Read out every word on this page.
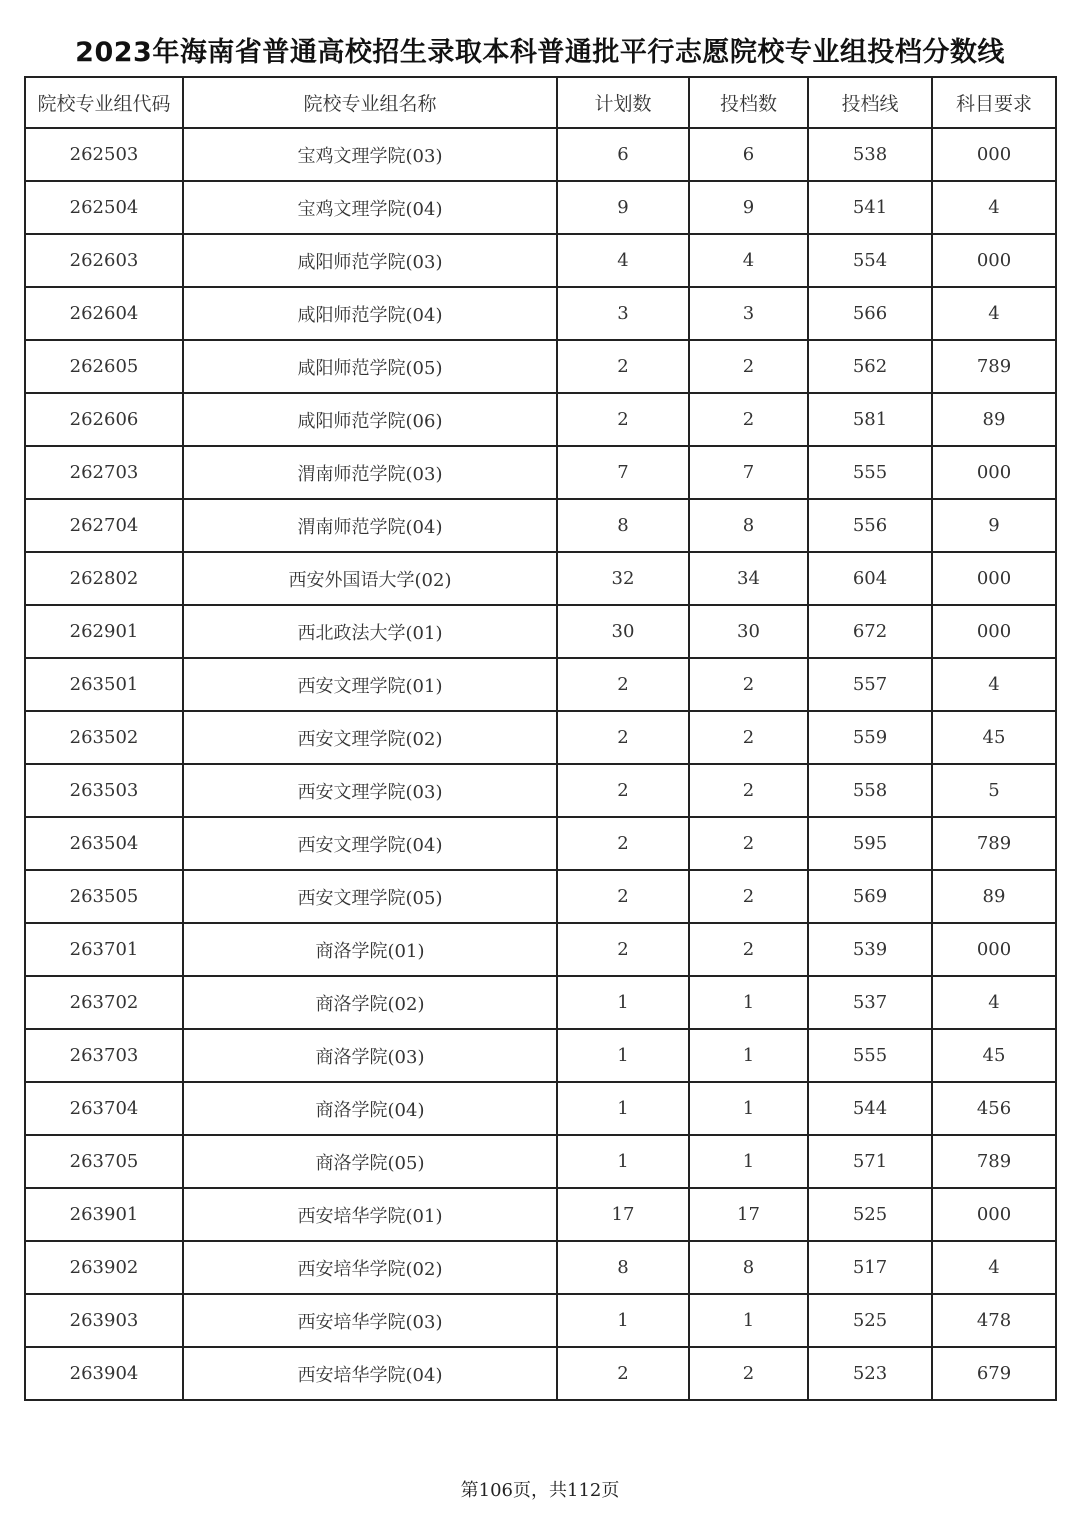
2023年海南省普通高校招生录取本科普通批平行志愿院校专业组投档分数线
院校专业组代码	院校专业组名称	计划数	投档数	投档线	科目要求
262503	宝鸡文理学院(03)	6	6	538	000
262504	宝鸡文理学院(04)	9	9	541	4
262603	咸阳师范学院(03)	4	4	554	000
262604	咸阳师范学院(04)	3	3	566	4
262605	咸阳师范学院(05)	2	2	562	789
262606	咸阳师范学院(06)	2	2	581	89
262703	渭南师范学院(03)	7	7	555	000
262704	渭南师范学院(04)	8	8	556	9
262802	西安外国语大学(02)	32	34	604	000
262901	西北政法大学(01)	30	30	672	000
263501	西安文理学院(01)	2	2	557	4
263502	西安文理学院(02)	2	2	559	45
263503	西安文理学院(03)	2	2	558	5
263504	西安文理学院(04)	2	2	595	789
263505	西安文理学院(05)	2	2	569	89
263701	商洛学院(01)	2	2	539	000
263702	商洛学院(02)	1	1	537	4
263703	商洛学院(03)	1	1	555	45
263704	商洛学院(04)	1	1	544	456
263705	商洛学院(05)	1	1	571	789
263901	西安培华学院(01)	17	17	525	000
263902	西安培华学院(02)	8	8	517	4
263903	西安培华学院(03)	1	1	525	478
263904	西安培华学院(04)	2	2	523	679
第106页，共112页
